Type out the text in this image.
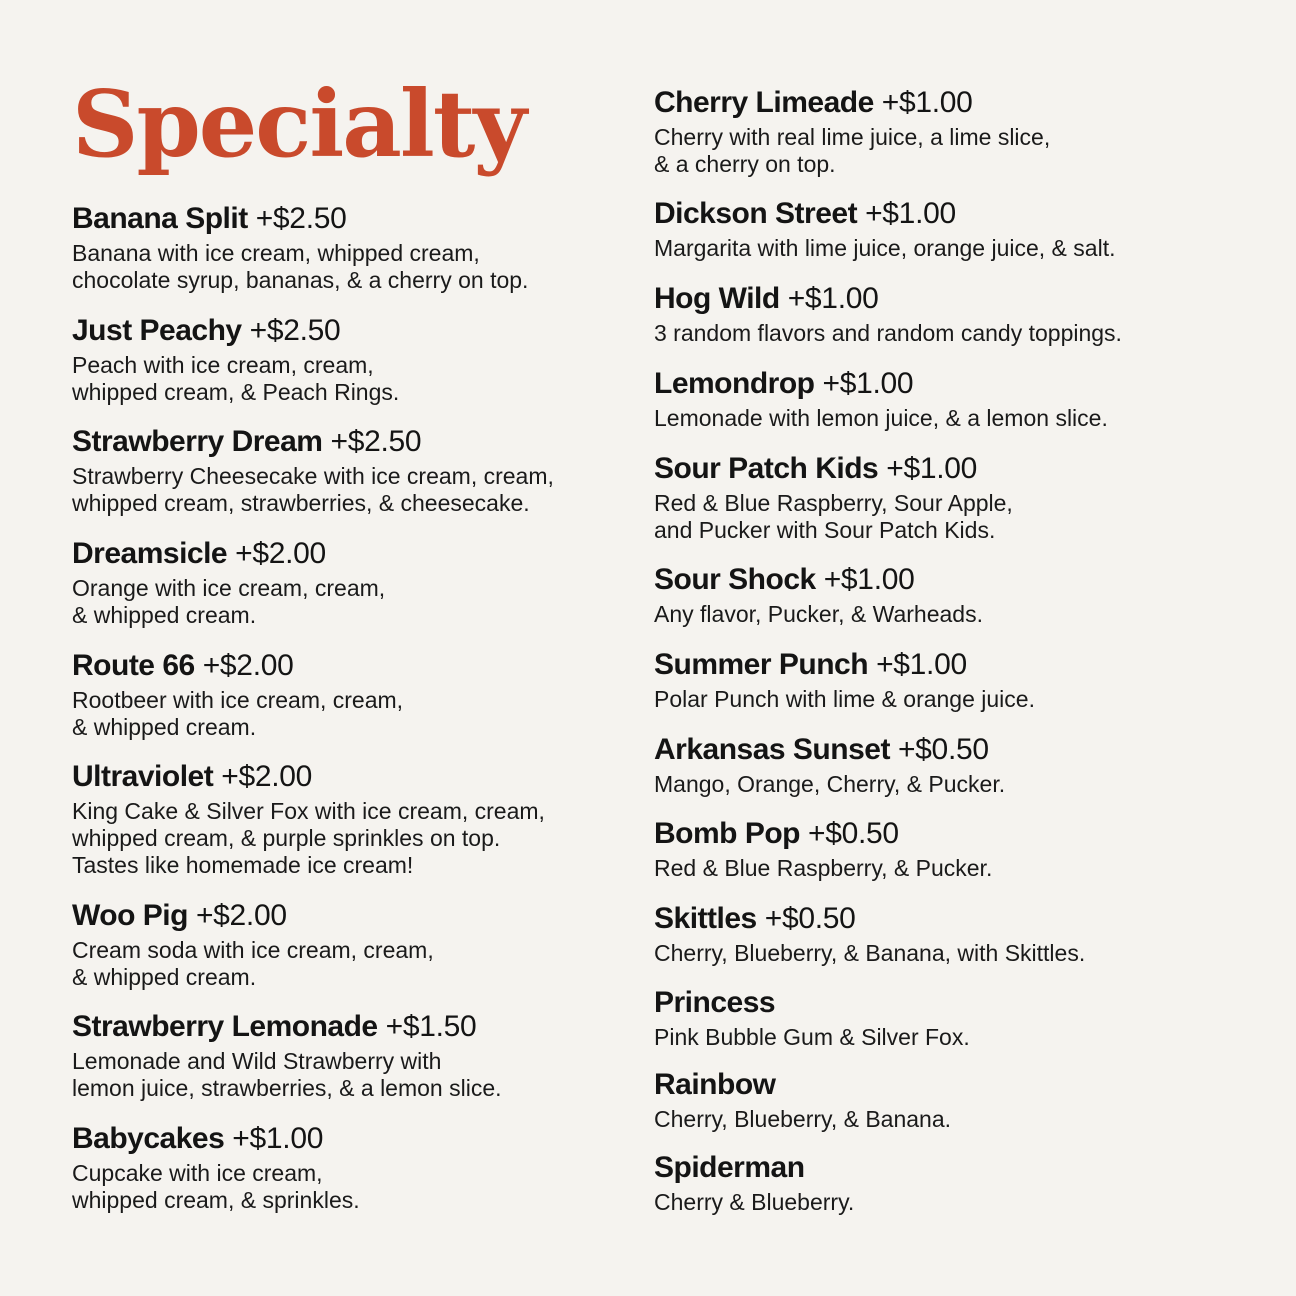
Specialty
Banana Split +$2.50
Banana with ice cream, whipped cream,
chocolate syrup, bananas, & a cherry on top.
Just Peachy +$2.50
Peach with ice cream, cream,
whipped cream, & Peach Rings.
Strawberry Dream +$2.50
Strawberry Cheesecake with ice cream, cream,
whipped cream, strawberries, & cheesecake.
Dreamsicle +$2.00
Orange with ice cream, cream,
& whipped cream.
Route 66 +$2.00
Rootbeer with ice cream, cream,
& whipped cream.
Ultraviolet +$2.00
King Cake & Silver Fox with ice cream, cream,
whipped cream, & purple sprinkles on top.
Tastes like homemade ice cream!
Woo Pig +$2.00
Cream soda with ice cream, cream,
& whipped cream.
Strawberry Lemonade +$1.50
Lemonade and Wild Strawberry with
lemon juice, strawberries, & a lemon slice.
Babycakes +$1.00
Cupcake with ice cream,
whipped cream, & sprinkles.
Cherry Limeade +$1.00
Cherry with real lime juice, a lime slice,
& a cherry on top.
Dickson Street +$1.00
Margarita with lime juice, orange juice, & salt.
Hog Wild +$1.00
3 random flavors and random candy toppings.
Lemondrop +$1.00
Lemonade with lemon juice, & a lemon slice.
Sour Patch Kids +$1.00
Red & Blue Raspberry, Sour Apple,
and Pucker with Sour Patch Kids.
Sour Shock +$1.00
Any flavor, Pucker, & Warheads.
Summer Punch +$1.00
Polar Punch with lime & orange juice.
Arkansas Sunset +$0.50
Mango, Orange, Cherry, & Pucker.
Bomb Pop +$0.50
Red & Blue Raspberry, & Pucker.
Skittles +$0.50
Cherry, Blueberry, & Banana, with Skittles.
Princess
Pink Bubble Gum & Silver Fox.
Rainbow
Cherry, Blueberry, & Banana.
Spiderman
Cherry & Blueberry.
